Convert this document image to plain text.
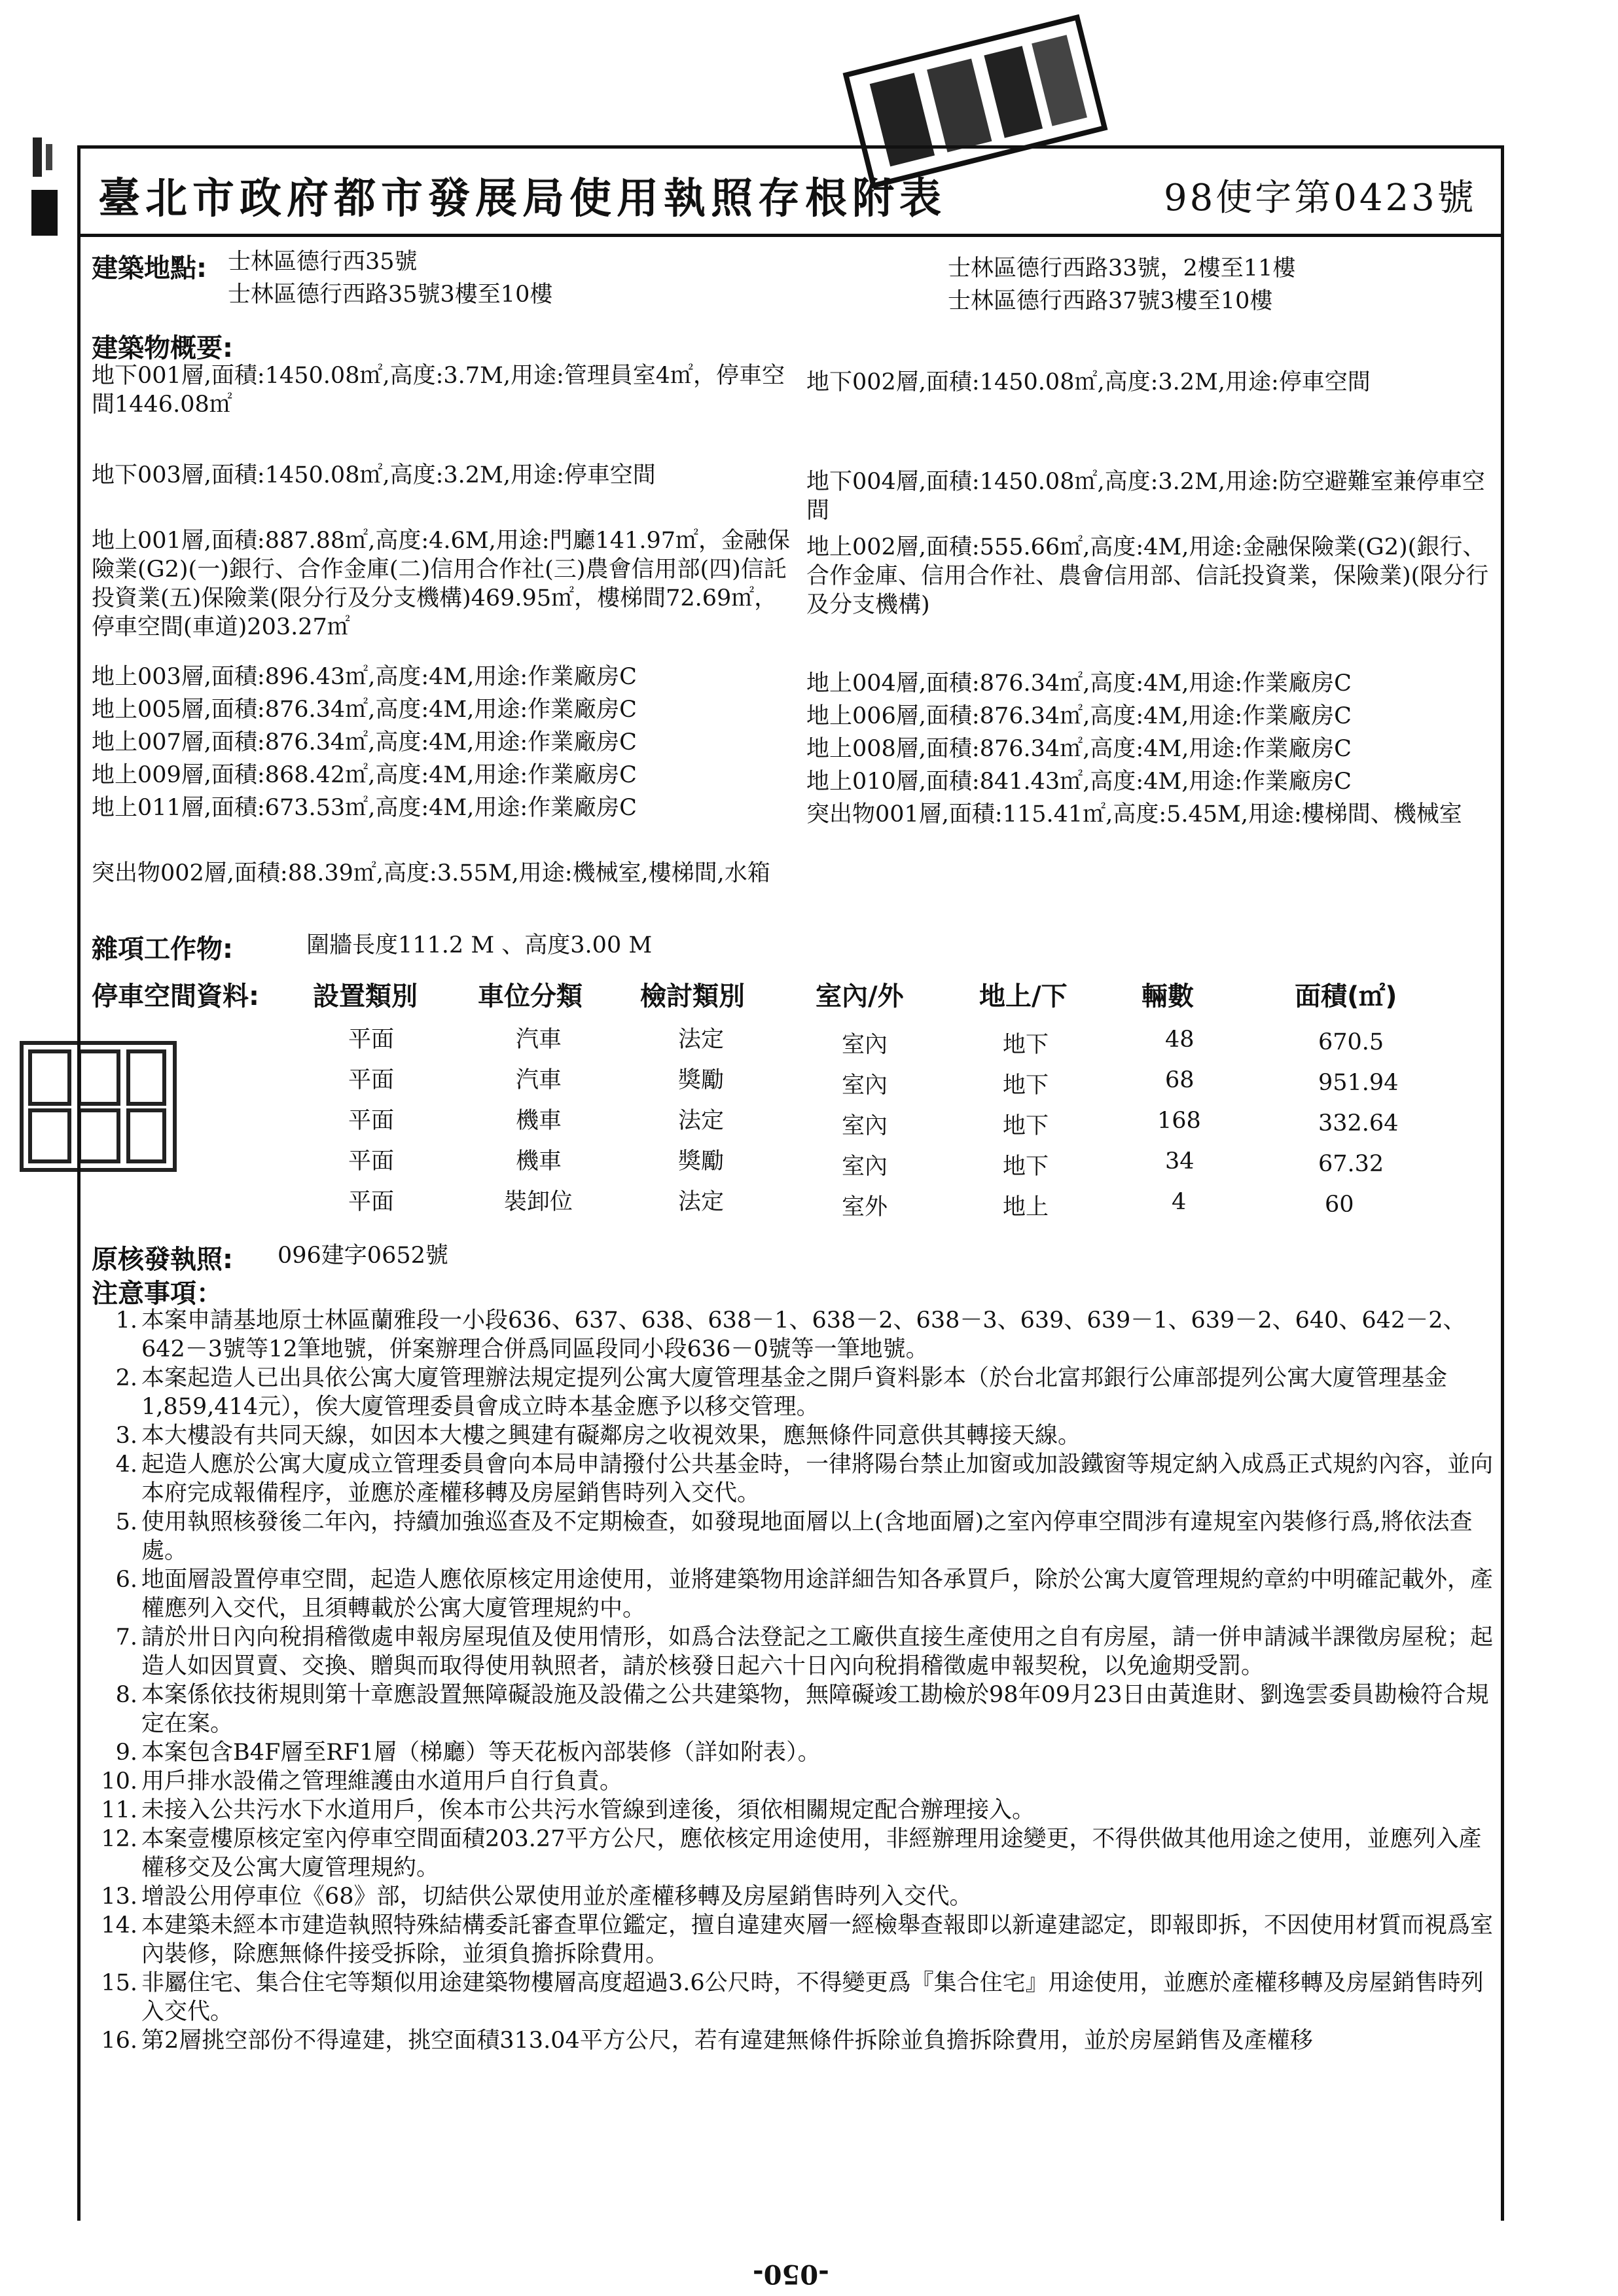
臺北市政府都市發展局使用執照存根附表	98使字第0423號
建築地點: 士林區德行西35號
士林區德行西路35號3樓至10樓
士林區德行西路33號，2樓至11樓
士林區德行西路37號3樓至10樓
建築物概要:
地下001層,面積:1450.08㎡,高度:3.7M,用途:管理員室4㎡，停車空間1446.08㎡
地下002層,面積:1450.08㎡,高度:3.2M,用途:停車空間
地下003層,面積:1450.08㎡,高度:3.2M,用途:停車空間	地下004層,面積:1450.08㎡,高度:3.2M,用途:防空避難室兼停車空間
地上001層,面積:887.88㎡,高度:4.6M,用途:門廳141.97㎡，金融保險業(G2)(一)銀行、合作金庫(二)信用合作社(三)農會信用部(四)信託投資業(五)保險業(限分行及分支機構)469.95㎡，樓梯間72.69㎡，停車空間(車道)203.27㎡
地上002層,面積:555.66㎡,高度:4M,用途:金融保險業(G2)(銀行、合作金庫、信用合作社、農會信用部、信託投資業，保險業)(限分行及分支機構)
地上003層,面積:896.43㎡,高度:4M,用途:作業廠房C	地上004層,面積:876.34㎡,高度:4M,用途:作業廠房C
地上005層,面積:876.34㎡,高度:4M,用途:作業廠房C	地上006層,面積:876.34㎡,高度:4M,用途:作業廠房C
地上007層,面積:876.34㎡,高度:4M,用途:作業廠房C	地上008層,面積:876.34㎡,高度:4M,用途:作業廠房C
地上009層,面積:868.42㎡,高度:4M,用途:作業廠房C	地上010層,面積:841.43㎡,高度:4M,用途:作業廠房C
地上011層,面積:673.53㎡,高度:4M,用途:作業廠房C	突出物001層,面積:115.41㎡,高度:5.45M,用途:樓梯間、機械室
突出物002層,面積:88.39㎡,高度:3.55M,用途:機械室,樓梯間,水箱
雜項工作物:	圍牆長度111.2 M 、高度3.00 M
停車空間資料: 設置類別 車位分類 檢討類別	室內/外	地上/下	輛數	面積(㎡)
平面	汽車	法定	室內	地下	48	670.5
平面	汽車	獎勵	室內	地下	68	951.94
平面	機車	法定	室內	地下	168	332.64
平面	機車	獎勵	室內	地下	34	67.32
平面	裝卸位	法定	室外	地上	4	60
原核發執照: 096建字0652號
注意事項：
1. 本案申請基地原士林區蘭雅段一小段636、637、638、638－1、638－2、638－3、639、639－1、639－2、640、642－2、642－3號等12筆地號，併案辦理合併爲同區段同小段636－0號等一筆地號。
2. 本案起造人已出具依公寓大廈管理辦法規定提列公寓大廈管理基金之開戶資料影本（於台北富邦銀行公庫部提列公寓大廈管理基金1,859,414元），俟大廈管理委員會成立時本基金應予以移交管理。
3. 本大樓設有共同天線，如因本大樓之興建有礙鄰房之收視效果，應無條件同意供其轉接天線。
4. 起造人應於公寓大廈成立管理委員會向本局申請撥付公共基金時，一律將陽台禁止加窗或加設鐵窗等規定納入成爲正式規約內容，並向本府完成報備程序，並應於產權移轉及房屋銷售時列入交代。
5. 使用執照核發後二年內，持續加強巡查及不定期檢查，如發現地面層以上(含地面層)之室內停車空間涉有違規室內裝修行爲,將依法查處。
6. 地面層設置停車空間，起造人應依原核定用途使用，並將建築物用途詳細告知各承買戶，除於公寓大廈管理規約章約中明確記載外，產權應列入交代，且須轉載於公寓大廈管理規約中。
7. 請於卅日內向稅捐稽徵處申報房屋現值及使用情形，如爲合法登記之工廠供直接生產使用之自有房屋，請一併申請減半課徵房屋稅；起造人如因買賣、交換、贈與而取得使用執照者，請於核發日起六十日內向稅捐稽徵處申報契稅，以免逾期受罰。
8. 本案係依技術規則第十章應設置無障礙設施及設備之公共建築物，無障礙竣工勘檢於98年09月23日由黃進財、劉逸雲委員勘檢符合規定在案。
9. 本案包含B4F層至RF1層（梯廳）等天花板內部裝修（詳如附表）。
10. 用戶排水設備之管理維護由水道用戶自行負責。
11. 未接入公共污水下水道用戶，俟本市公共污水管線到達後，須依相關規定配合辦理接入。
12. 本案壹樓原核定室內停車空間面積203.27平方公尺，應依核定用途使用，非經辦理用途變更，不得供做其他用途之使用，並應列入產權移交及公寓大廈管理規約。
13. 增設公用停車位《68》部，切結供公眾使用並於產權移轉及房屋銷售時列入交代。
14. 本建築未經本市建造執照特殊結構委託審查單位鑑定，擅自違建夾層一經檢舉查報即以新違建認定，即報即拆，不因使用材質而視爲室內裝修，除應無條件接受拆除，並須負擔拆除費用。
15. 非屬住宅、集合住宅等類似用途建築物樓層高度超過3.6公尺時，不得變更爲『集合住宅』用途使用，並應於產權移轉及房屋銷售時列入交代。
16. 第2層挑空部份不得違建，挑空面積313.04平方公尺，若有違建無條件拆除並負擔拆除費用，並於房屋銷售及產權移
-050-
